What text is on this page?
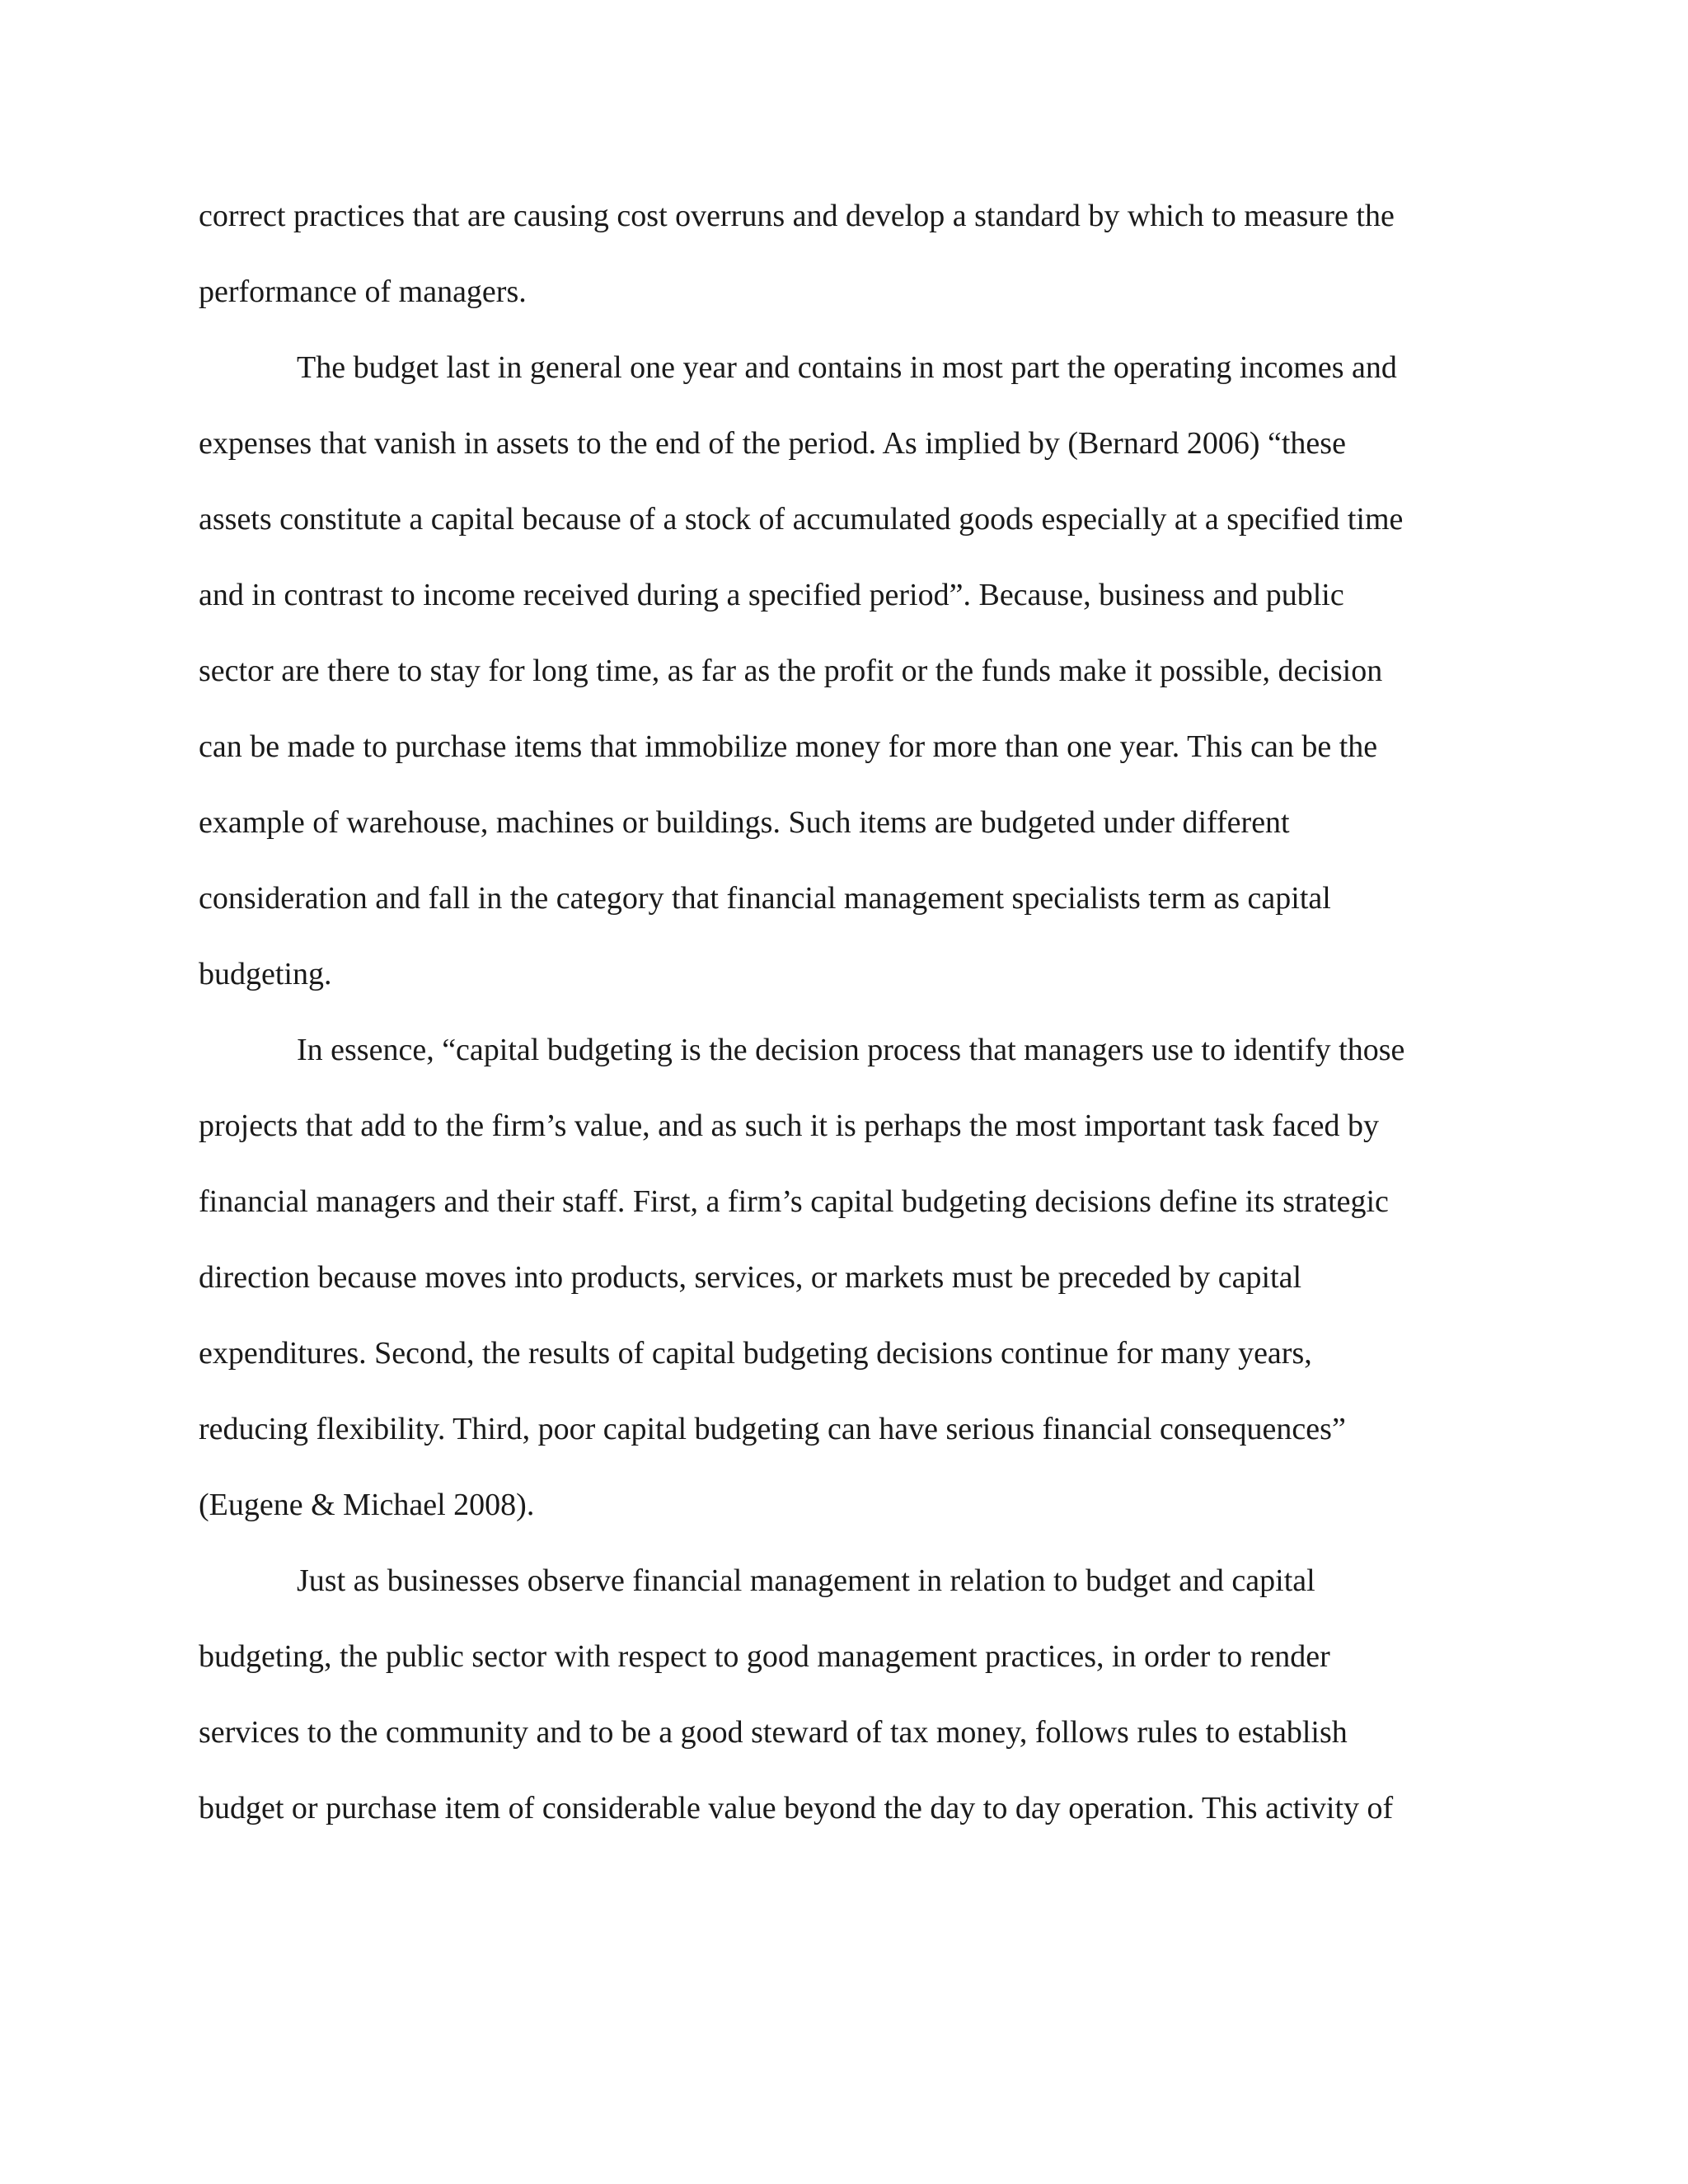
correct practices that are causing cost overruns and develop a standard by which to measure the
performance of managers.
The budget last in general one year and contains in most part the operating incomes and
expenses that vanish in assets to the end of the period. As implied by (Bernard 2006) “these
assets constitute a capital because of a stock of accumulated goods especially at a specified time
and in contrast to income received during a specified period”. Because, business and public
sector are there to stay for long time, as far as the profit or the funds make it possible, decision
can be made to purchase items that immobilize money for more than one year. This can be the
example of warehouse, machines or buildings. Such items are budgeted under different
consideration and fall in the category that financial management specialists term as capital
budgeting.
In essence, “capital budgeting is the decision process that managers use to identify those
projects that add to the firm’s value, and as such it is perhaps the most important task faced by
financial managers and their staff. First, a firm’s capital budgeting decisions define its strategic
direction because moves into products, services, or markets must be preceded by capital
expenditures. Second, the results of capital budgeting decisions continue for many years,
reducing flexibility. Third, poor capital budgeting can have serious financial consequences”
(Eugene & Michael 2008).
Just as businesses observe financial management in relation to budget and capital
budgeting, the public sector with respect to good management practices, in order to render
services to the community and to be a good steward of tax money, follows rules to establish
budget or purchase item of considerable value beyond the day to day operation. This activity of
